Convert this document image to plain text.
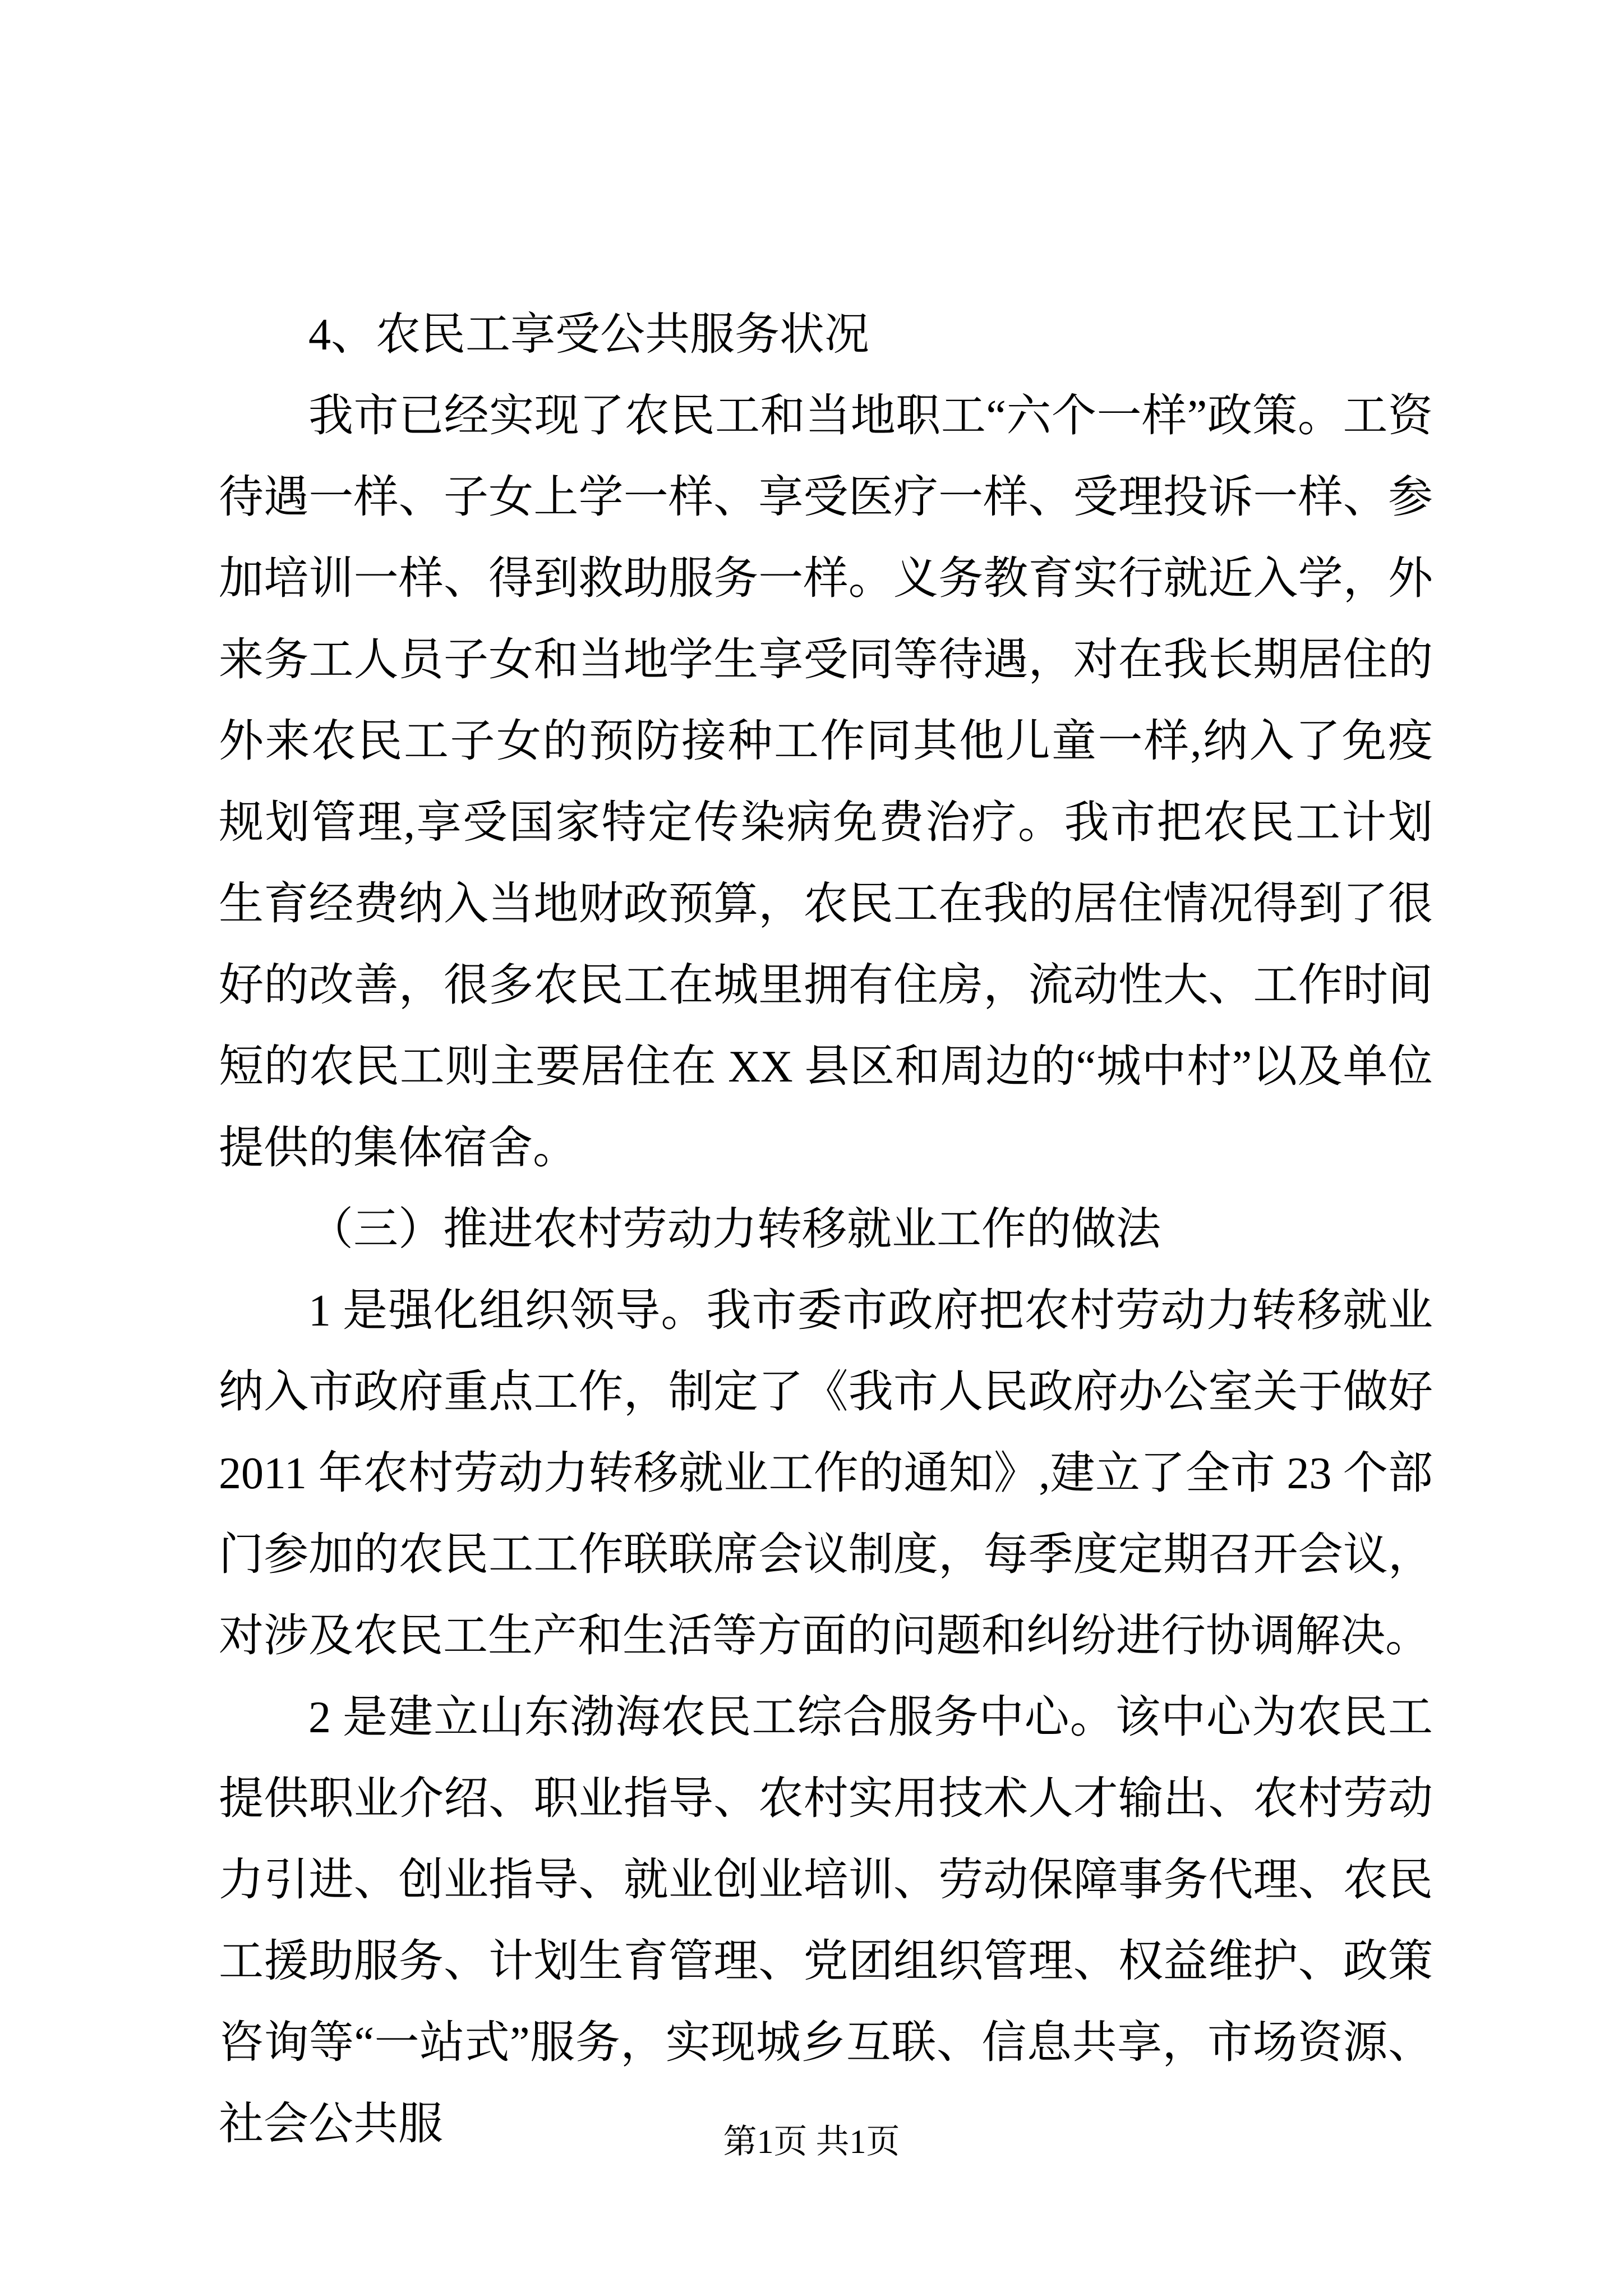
4、农民工享受公共服务状况

我市已经实现了农民工和当地职工“六个一样”政策。工资待遇一样、子女上学一样、享受医疗一样、受理投诉一样、参加培训一样、得到救助服务一样。义务教育实行就近入学，外来务工人员子女和当地学生享受同等待遇，对在我长期居住的外来农民工子女的预防接种工作同其他儿童一样,纳入了免疫规划管理,享受国家特定传染病免费治疗。我市把农民工计划生育经费纳入当地财政预算，农民工在我的居住情况得到了很好的改善，很多农民工在城里拥有住房，流动性大、工作时间短的农民工则主要居住在 XX 县区和周边的“城中村”以及单位提供的集体宿舍。

（三）推进农村劳动力转移就业工作的做法

1 是强化组织领导。我市委市政府把农村劳动力转移就业纳入市政府重点工作，制定了《我市人民政府办公室关于做好 2011 年农村劳动力转移就业工作的通知》,建立了全市 23 个部门参加的农民工工作联联席会议制度，每季度定期召开会议，对涉及农民工生产和生活等方面的问题和纠纷进行协调解决。

2 是建立山东渤海农民工综合服务中心。该中心为农民工提供职业介绍、职业指导、农村实用技术人才输出、农村劳动力引进、创业指导、就业创业培训、劳动保障事务代理、农民工援助服务、计划生育管理、党团组织管理、权益维护、政策咨询等“一站式”服务，实现城乡互联、信息共享，市场资源、社会公共服	第1页 共1页
